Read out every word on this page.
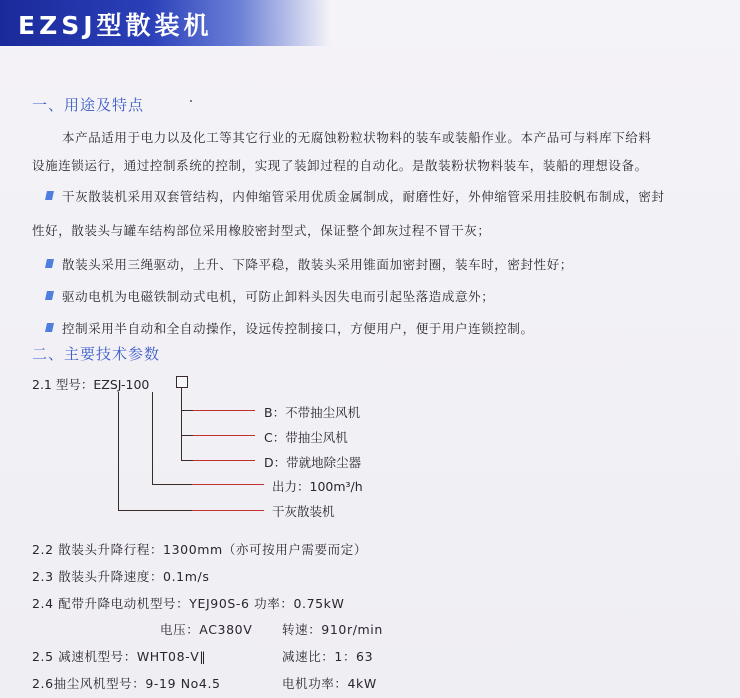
EZSJ型散装机
一、用途及特点
本产品适用于电力以及化工等其它行业的无腐蚀粉粒状物料的装车或装船作业。本产品可与料库下给料
设施连锁运行，通过控制系统的控制，实现了装卸过程的自动化。是散装粉状物料装车，装船的理想设备。
干灰散装机采用双套管结构，内伸缩管采用优质金属制成，耐磨性好，外伸缩管采用挂胶帆布制成，密封
性好，散装头与罐车结构部位采用橡胶密封型式，保证整个卸灰过程不冒干灰；
散装头采用三绳驱动，上升、下降平稳，散装头采用锥面加密封圈，装车时，密封性好；
驱动电机为电磁铁制动式电机，可防止卸料头因失电而引起坠落造成意外；
控制采用半自动和全自动操作，设远传控制接口，方便用户，便于用户连锁控制。
二、主要技术参数
2.1 型号：EZSJ-100
B：不带抽尘风机
C：带抽尘风机
D：带就地除尘器
出力：100m³/h
干灰散装机
2.2 散装头升降行程：1300mm（亦可按用户需要而定）
2.3 散装头升降速度：0.1m/s
2.4 配带升降电动机型号：YEJ90S-6 功率：0.75kW
电压：AC380V 转速：910r/min
2.5 减速机型号：WHT08-Ⅴ‖	减速比：1：63
2.6抽尘风机型号：9-19 No4.5	电机功率：4kW
